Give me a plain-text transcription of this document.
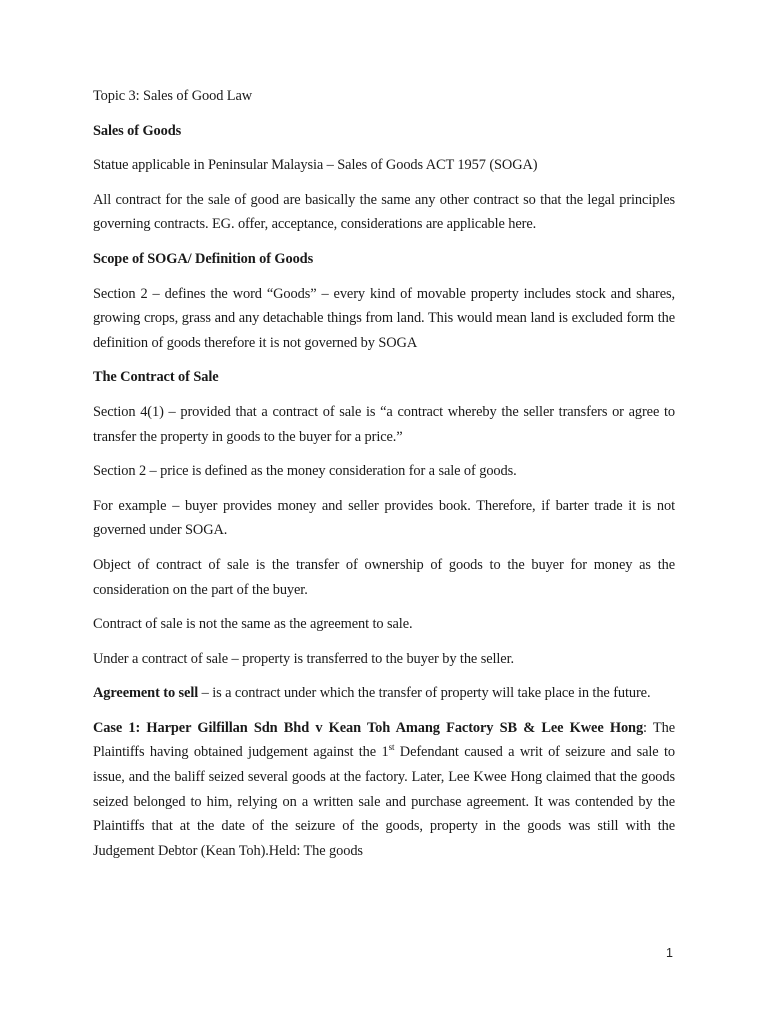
Topic 3: Sales of Good Law

Sales of Goods

Statue applicable in Peninsular Malaysia – Sales of Goods ACT 1957 (SOGA)

All contract for the sale of good are basically the same any other contract so that the legal principles governing contracts. EG. offer, acceptance, considerations are applicable here.

Scope of SOGA/ Definition of Goods

Section 2 – defines the word “Goods” – every kind of movable property includes stock and shares, growing crops, grass and any detachable things from land. This would mean land is excluded form the definition of goods therefore it is not governed by SOGA

The Contract of Sale

Section 4(1) – provided that a contract of sale is “a contract whereby the seller transfers or agree to transfer the property in goods to the buyer for a price.”

Section 2 – price is defined as the money consideration for a sale of goods.

For example – buyer provides money and seller provides book. Therefore, if barter trade it is not governed under SOGA.

Object of contract of sale is the transfer of ownership of goods to the buyer for money as the consideration on the part of the buyer.

Contract of sale is not the same as the agreement to sale.

Under a contract of sale – property is transferred to the buyer by the seller.

Agreement to sell – is a contract under which the transfer of property will take place in the future.

Case 1: Harper Gilfillan Sdn Bhd v Kean Toh Amang Factory SB & Lee Kwee Hong: The Plaintiffs having obtained judgement against the 1st Defendant caused a writ of seizure and sale to issue, and the baliff seized several goods at the factory. Later, Lee Kwee Hong claimed that the goods seized belonged to him, relying on a written sale and purchase agreement. It was contended by the Plaintiffs that at the date of the seizure of the goods, property in the goods was still with the Judgement Debtor (Kean Toh).Held: The goods

1
